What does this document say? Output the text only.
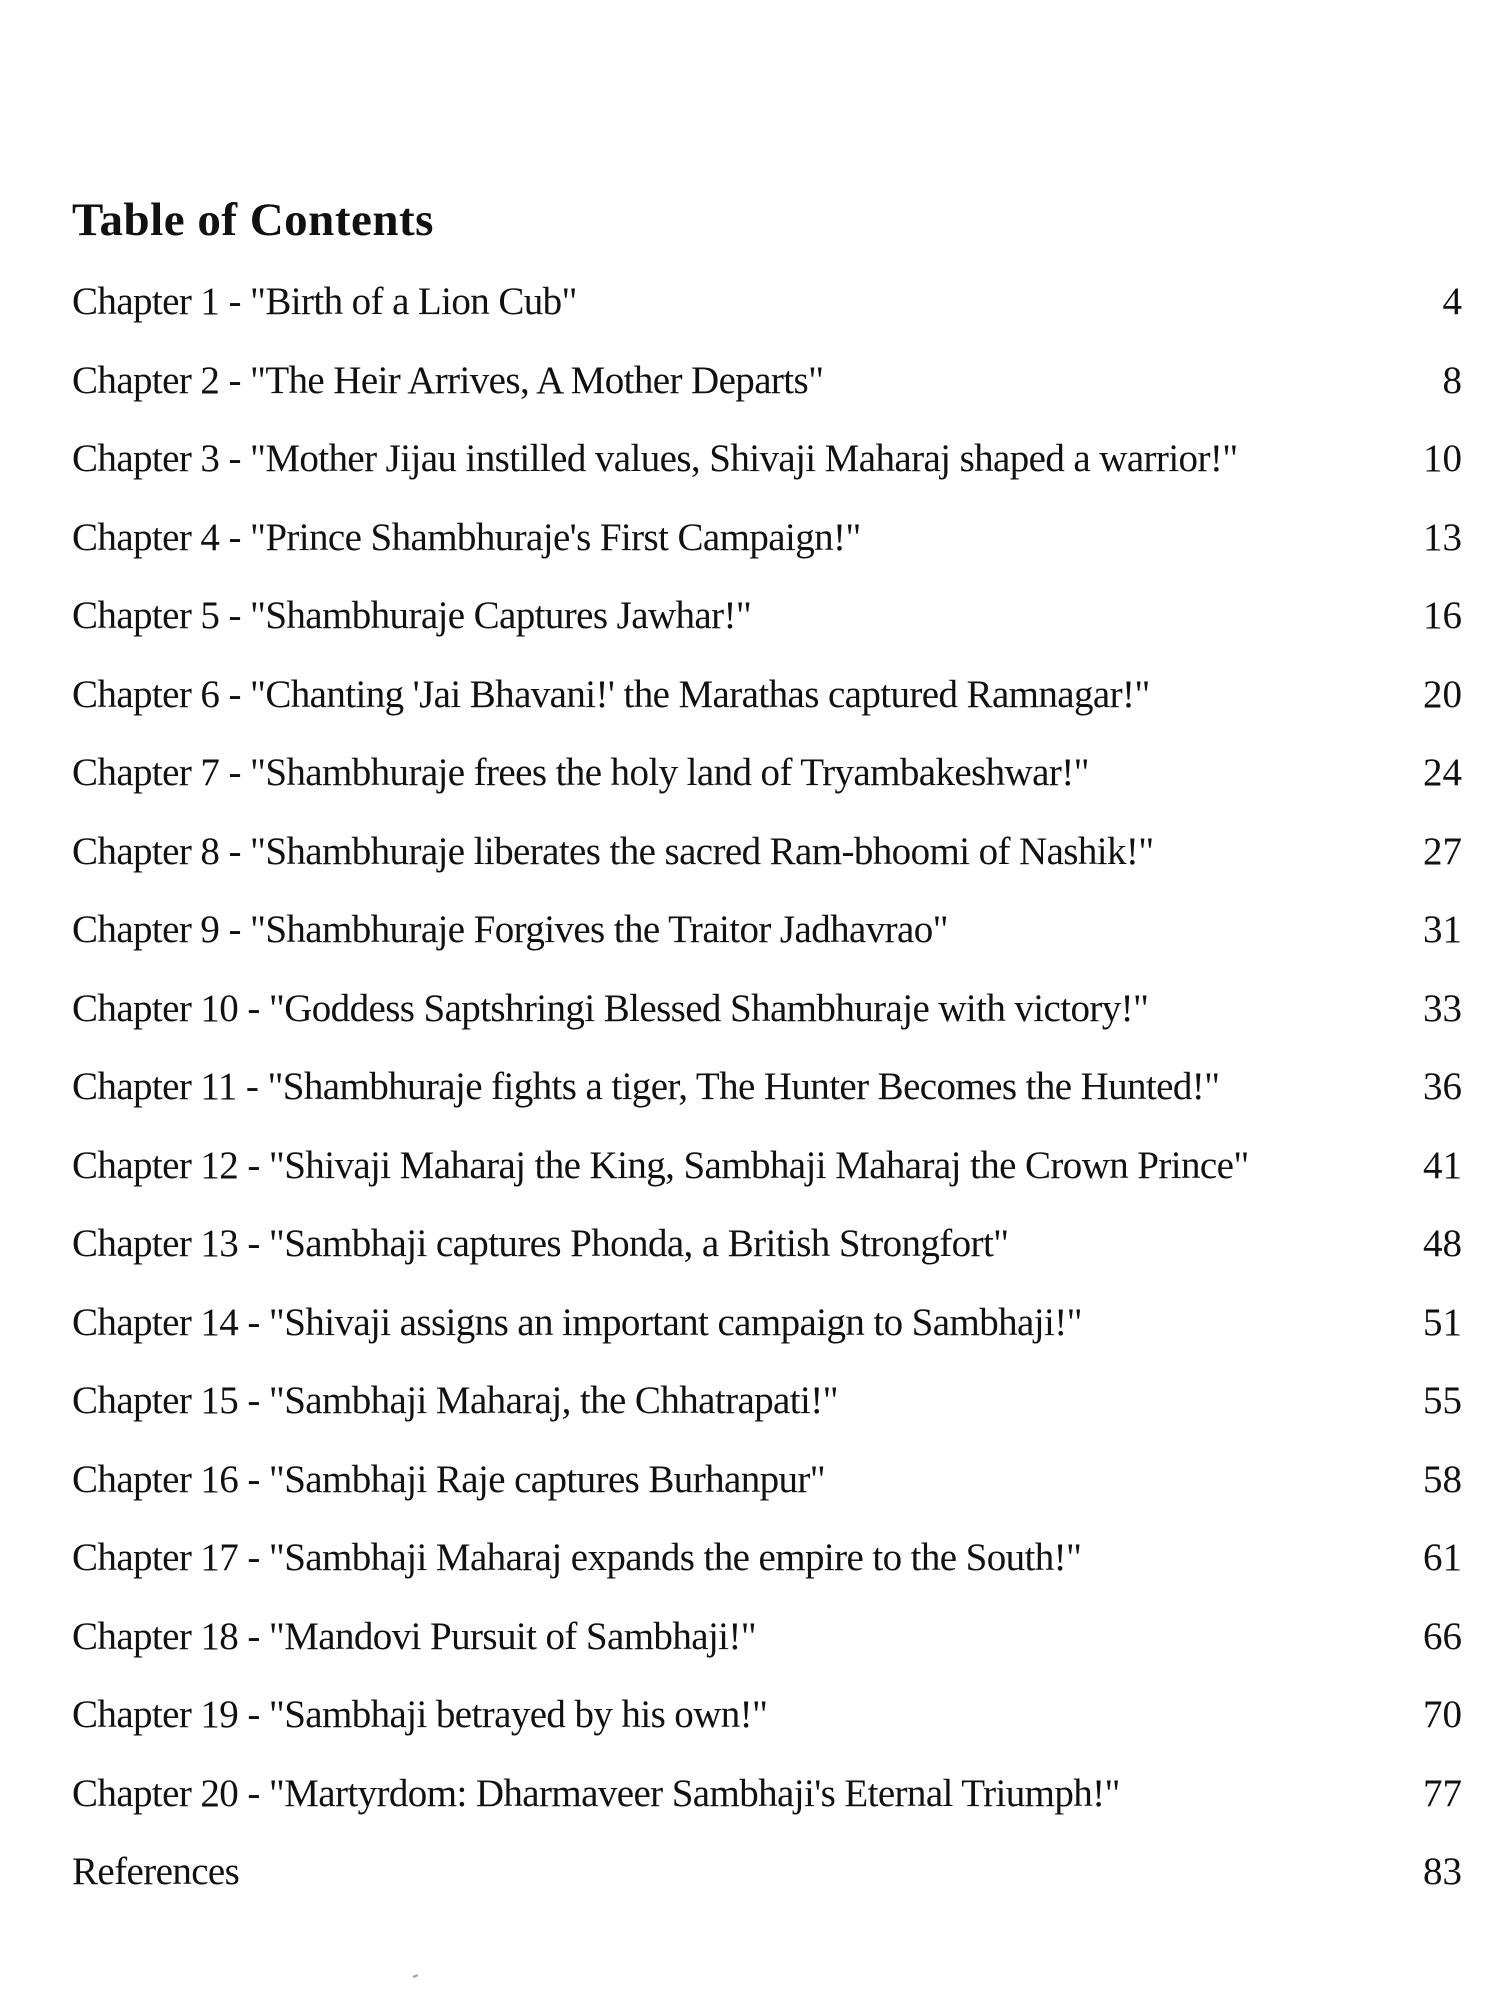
Table of Contents
Chapter 1 - "Birth of a Lion Cub"	4
Chapter 2 - "The Heir Arrives, A Mother Departs"	8
Chapter 3 - "Mother Jijau instilled values, Shivaji Maharaj shaped a warrior!"	10
Chapter 4 - "Prince Shambhuraje's First Campaign!"	13
Chapter 5 - "Shambhuraje Captures Jawhar!"	16
Chapter 6 - "Chanting 'Jai Bhavani!' the Marathas captured Ramnagar!"	20
Chapter 7 - "Shambhuraje frees the holy land of Tryambakeshwar!"	24
Chapter 8 - "Shambhuraje liberates the sacred Ram-bhoomi of Nashik!"	27
Chapter 9 - "Shambhuraje Forgives the Traitor Jadhavrao"	31
Chapter 10 - "Goddess Saptshringi Blessed Shambhuraje with victory!"	33
Chapter 11 - "Shambhuraje fights a tiger, The Hunter Becomes the Hunted!"	36
Chapter 12 - "Shivaji Maharaj the King, Sambhaji Maharaj the Crown Prince"	41
Chapter 13 - "Sambhaji captures Phonda, a British Strongfort"	48
Chapter 14 - "Shivaji assigns an important campaign to Sambhaji!"	51
Chapter 15 - "Sambhaji Maharaj, the Chhatrapati!"	55
Chapter 16 - "Sambhaji Raje captures Burhanpur"	58
Chapter 17 - "Sambhaji Maharaj expands the empire to the South!"	61
Chapter 18 - "Mandovi Pursuit of Sambhaji!"	66
Chapter 19 - "Sambhaji betrayed by his own!"	70
Chapter 20 - "Martyrdom: Dharmaveer Sambhaji's Eternal Triumph!"	77
References	83
